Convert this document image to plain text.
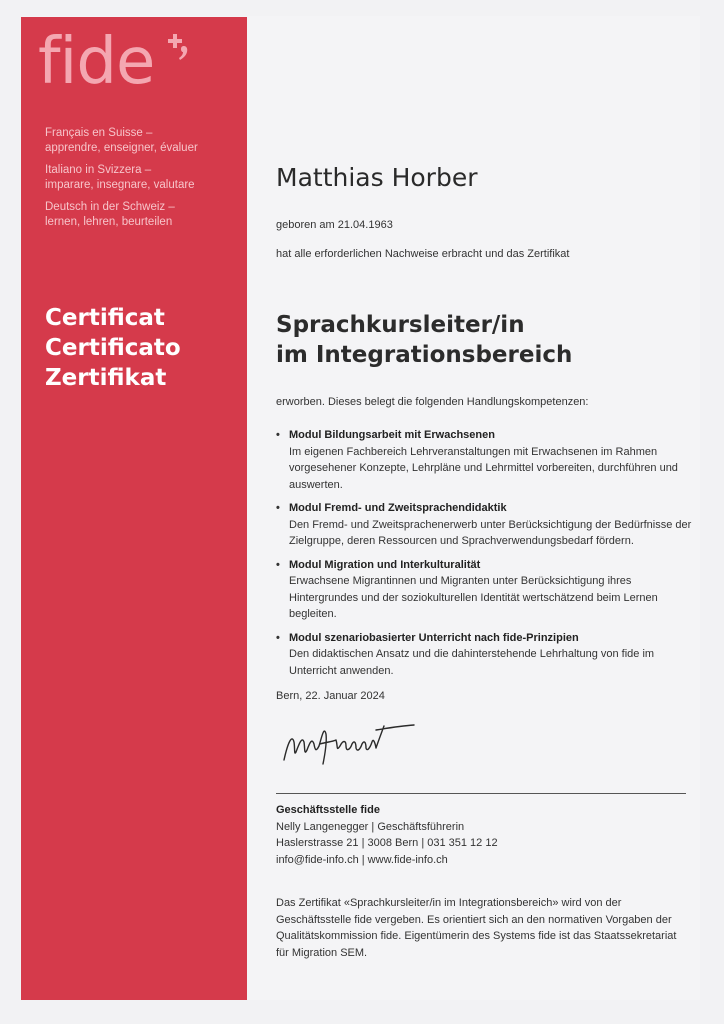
fide

Français en Suisse –
apprendre, enseigner, évaluer

Italiano in Svizzera –
imparare, insegnare, valutare

Deutsch in der Schweiz –
lernen, lehren, beurteilen

Certificat
Certificato
Zertifikat
Matthias Horber
geboren am 21.04.1963
hat alle erforderlichen Nachweise erbracht und das Zertifikat
Sprachkursleiter/in
im Integrationsbereich
erworben. Dieses belegt die folgenden Handlungskompetenzen:
• Modul Bildungsarbeit mit Erwachsenen
Im eigenen Fachbereich Lehrveranstaltungen mit Erwachsenen im Rahmen vorgesehener Konzepte, Lehrpläne und Lehrmittel vorbereiten, durchführen und auswerten.
• Modul Fremd- und Zweitsprachendidaktik
Den Fremd- und Zweitsprachenerwerb unter Berücksichtigung der Bedürfnisse der Zielgruppe, deren Ressourcen und Sprachverwendungsbedarf fördern.
• Modul Migration und Interkulturalität
Erwachsene Migrantinnen und Migranten unter Berücksichtigung ihres Hintergrundes und der soziokulturellen Identität wertschätzend beim Lernen begleiten.
• Modul szenariobasierter Unterricht nach fide-Prinzipien
Den didaktischen Ansatz und die dahinterstehende Lehrhaltung von fide im Unterricht anwenden.
Bern, 22. Januar 2024
Geschäftsstelle fide
Nelly Langenegger | Geschäftsführerin
Haslerstrasse 21 | 3008 Bern | 031 351 12 12
info@fide-info.ch | www.fide-info.ch
Das Zertifikat «Sprachkursleiter/in im Integrationsbereich» wird von der Geschäftsstelle fide vergeben. Es orientiert sich an den normativen Vorgaben der Qualitätskommission fide. Eigentümerin des Systems fide ist das Staatssekretariat für Migration SEM.
